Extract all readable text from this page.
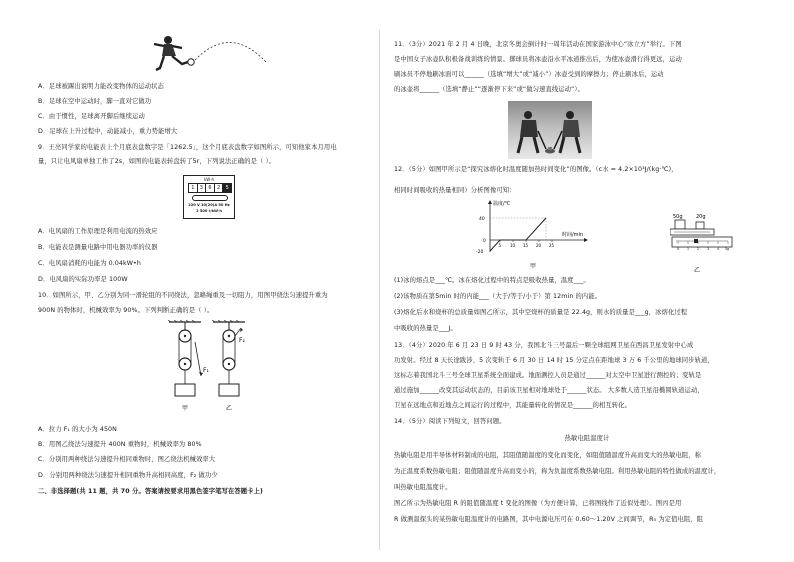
A．足球被踢出说明力能改变物体的运动状态
B．足球在空中运动时，脚一直对它做功
C．由于惯性，足球离开脚后继续运动
D．足球在上升过程中，动能减小，重力势能增大
9．王亮同学家的电能表上个月底表盘数字是「1262.5」，这个月底表盘数字如图所示，可知他家本月用电
量，只让电风扇单独工作了2s，如图的电能表转盘转了5r，下列说法正确的是（ ）。
kW·h
1	3	6	2	5
220 V 10(20)A 50 Hz
2 500 r/kW·h
A．电风扇的工作原理是利用电流的热效应
B．电能表是测量电路中用电器功率的仪器
C．电风扇消耗的电能为 0.04kW•h
D．电风扇的实际功率是 100W
10．如图所示，甲、乙分别为同一滑轮组的不同绕法，忽略绳重及一切阻力，用图甲绕法匀速提升重为
900N 的物体时，机械效率为 90%。下列判断正确的是（ ）。
F₁
甲
F₂
乙
A．拉力 F₁ 的大小为 450N
B．用图乙绕法匀速提升 400N 重物时，机械效率为 80%
C．分别用两种绕法匀速提升相同重物时，图乙绕法机械效率大
D．分别用两种绕法匀速提升相同重物升高相同高度，F₂ 做功少
二、非选择题(共 11 题，共 70 分。答案请按要求用黑色签字笔写在答题卡上)
11．（3分）2021 年 2 月 4 日晚，北京冬奥会倒计时一周年活动在国家游泳中心“冰立方”举行。下图
是中国女子冰壶队积极备战训练的情景。掷球员将冰壶沿水平冰道推出后，为使冰壶滑行得更远，运动
刷冰员不停地刷冰面可以______（选填“增大”或“减小”）冰壶受到的摩擦力；停止刷冰后，运动
的冰壶将______（选填“静止”“逐渐停下来”或“做匀速直线运动”）。
12．（5分）如图甲所示是“探究冰熔化时温度随加热时间变化”的图像。（c水 = 4.2×10³J/(kg·℃)，
相同时间吸收的热量相同）分析图像可知：
温度/℃
时间/min
40
0
-20
5 10 15 20 25
甲
50g	20g
0 1 2 3 4 5g
乙
(1)冰的熔点是___℃。冰在熔化过程中的特点是吸收热量，温度___。
(2)该物质在第5min 时的内能___（大于/等于/小于）第 12min 的内能。
(3)熔化后水和烧杯的总质量如图乙所示，其中空烧杯的质量是 22.4g，则水的质量是___g，冰熔化过程
中吸收的热量是___J。
13．（4分）2020 年 6 月 23 日 9 时 43 分，我国北斗三号最后一颗全球组网卫星在西昌卫星发射中心成
功发射。经过 8 天长途跋涉、5 次变轨于 6 月 30 日 14 时 15 分定点在距地球 3 万 6 千公里的地球同步轨道，
这标志着我国北斗三号全球卫星系统全面建成。地面测控人员是通过______对太空中卫星进行测控的；变轨是
通过施加______改变其运动状态的，目前该卫星相对地球处于______状态。 大多数人造卫星沿椭圆轨道运动，
卫星在远地点和近地点之间运行的过程中，其能量转化的情况是______的相互转化。
14．（5分）阅读下列短文，回答问题。
热敏电阻温度计
热敏电阻是用半导体材料制成的电阻，其阻值随温度的变化而变化，如阻值随温度升高而变大的热敏电阻，称
为正温度系数热敏电阻；阻值随温度升高而变小的，称为负温度系数热敏电阻。利用热敏电阻的特性做成的温度计，
叫热敏电阻温度计。
图乙所示为热敏电阻 R 的阻值随温度 t 变化的图像（为方便计算，已将图线作了近似处理）。图丙是用
R 做测温探头的某热敏电阻温度计的电路图，其中电源电压可在 0.60～1.20V 之间调节，R₀ 为定值电阻，阻
